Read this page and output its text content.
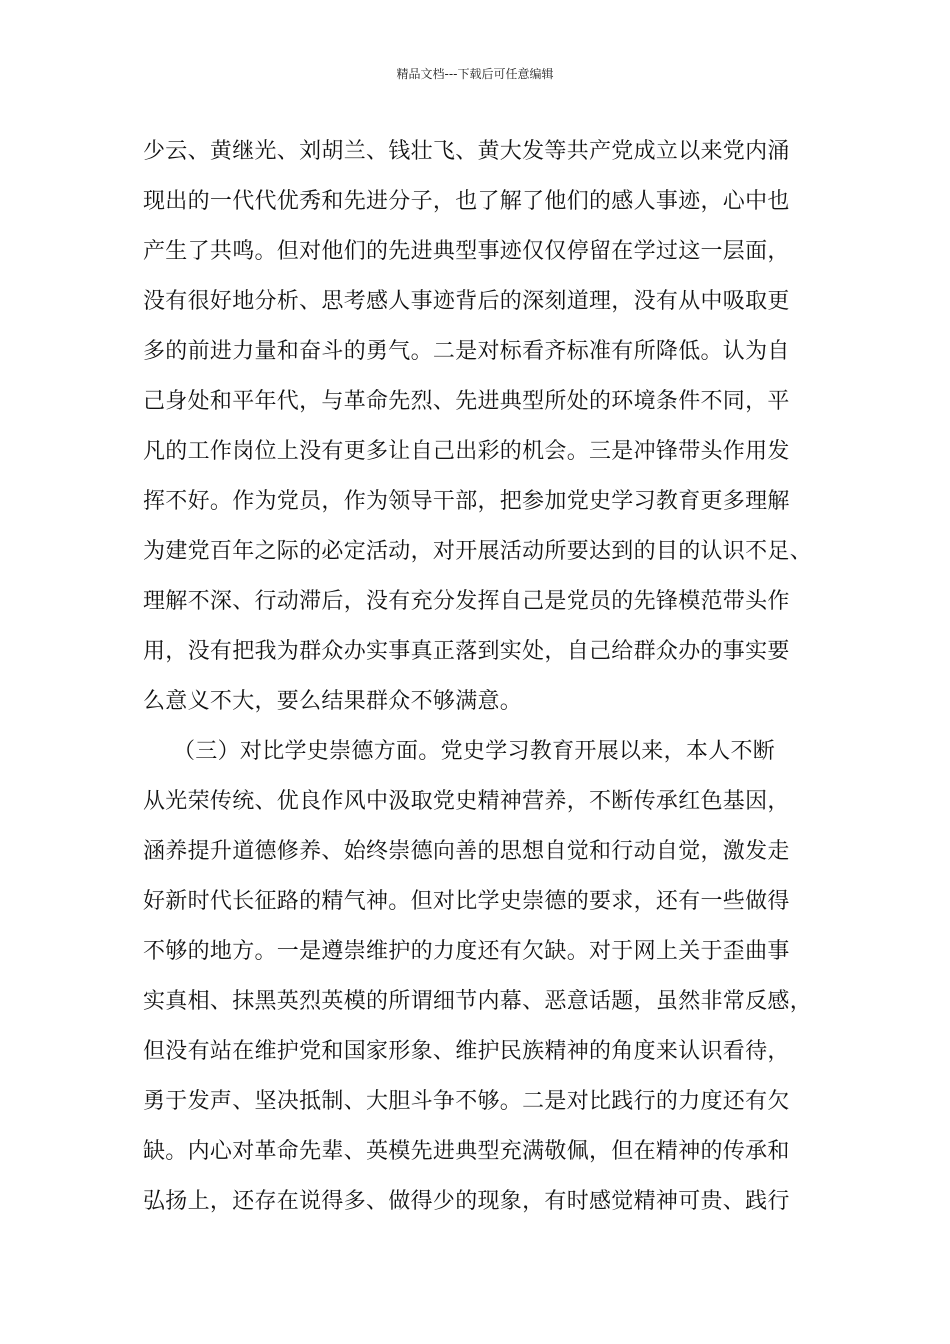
精品文档---下载后可任意编辑
少云、黄继光、刘胡兰、钱壮飞、黄大发等共产党成立以来党内涌
现出的一代代优秀和先进分子，也了解了他们的感人事迹，心中也
产生了共鸣。但对他们的先进典型事迹仅仅停留在学过这一层面，
没有很好地分析、思考感人事迹背后的深刻道理，没有从中吸取更
多的前进力量和奋斗的勇气。二是对标看齐标准有所降低。认为自
己身处和平年代，与革命先烈、先进典型所处的环境条件不同，平
凡的工作岗位上没有更多让自己出彩的机会。三是冲锋带头作用发
挥不好。作为党员，作为领导干部，把参加党史学习教育更多理解
为建党百年之际的必定活动，对开展活动所要达到的目的认识不足、
理解不深、行动滞后，没有充分发挥自己是党员的先锋模范带头作
用，没有把我为群众办实事真正落到实处，自己给群众办的事实要
么意义不大，要么结果群众不够满意。
（三）对比学史崇德方面。党史学习教育开展以来，本人不断
从光荣传统、优良作风中汲取党史精神营养，不断传承红色基因，
涵养提升道德修养、始终崇德向善的思想自觉和行动自觉，激发走
好新时代长征路的精气神。但对比学史崇德的要求，还有一些做得
不够的地方。一是遵崇维护的力度还有欠缺。对于网上关于歪曲事
实真相、抹黑英烈英模的所谓细节内幕、恶意话题，虽然非常反感，
但没有站在维护党和国家形象、维护民族精神的角度来认识看待，
勇于发声、坚决抵制、大胆斗争不够。二是对比践行的力度还有欠
缺。内心对革命先辈、英模先进典型充满敬佩，但在精神的传承和
弘扬上，还存在说得多、做得少的现象，有时感觉精神可贵、践行
